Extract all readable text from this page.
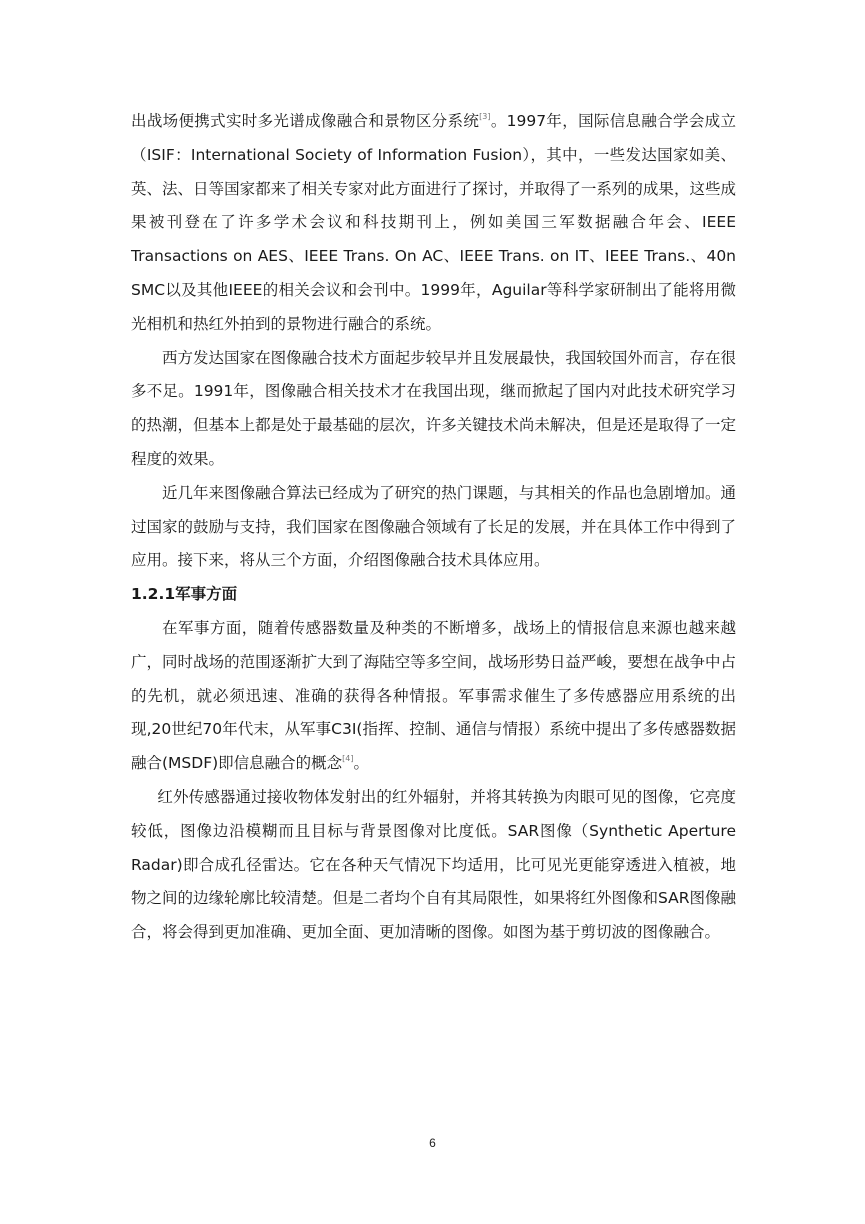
出战场便携式实时多光谱成像融合和景物区分系统[3]。1997年，国际信息融合学会成立（ISIF：International Society of Information Fusion），其中，一些发达国家如美、英、法、日等国家都来了相关专家对此方面进行了探讨，并取得了一系列的成果，这些成果被刊登在了许多学术会议和科技期刊上，例如美国三军数据融合年会、IEEE Transactions on AES、IEEE Trans. On AC、IEEE Trans. on IT、IEEE Trans.、40n SMC以及其他IEEE的相关会议和会刊中。1999年，Aguilar等科学家研制出了能将用微光相机和热红外拍到的景物进行融合的系统。

西方发达国家在图像融合技术方面起步较早并且发展最快，我国较国外而言，存在很多不足。1991年，图像融合相关技术才在我国出现，继而掀起了国内对此技术研究学习的热潮，但基本上都是处于最基础的层次，许多关键技术尚未解决，但是还是取得了一定程度的效果。

近几年来图像融合算法已经成为了研究的热门课题，与其相关的作品也急剧增加。通过国家的鼓励与支持，我们国家在图像融合领域有了长足的发展，并在具体工作中得到了应用。接下来，将从三个方面，介绍图像融合技术具体应用。

1.2.1军事方面

在军事方面，随着传感器数量及种类的不断增多，战场上的情报信息来源也越来越广，同时战场的范围逐渐扩大到了海陆空等多空间，战场形势日益严峻，要想在战争中占的先机，就必须迅速、准确的获得各种情报。军事需求催生了多传感器应用系统的出现,20世纪70年代末，从军事C3I(指挥、控制、通信与情报）系统中提出了多传感器数据融合(MSDF)即信息融合的概念[4]。

红外传感器通过接收物体发射出的红外辐射，并将其转换为肉眼可见的图像，它亮度较低，图像边沿模糊而且目标与背景图像对比度低。SAR图像（Synthetic Aperture Radar)即合成孔径雷达。它在各种天气情况下均适用，比可见光更能穿透进入植被，地物之间的边缘轮廓比较清楚。但是二者均个自有其局限性，如果将红外图像和SAR图像融合，将会得到更加准确、更加全面、更加清晰的图像。如图为基于剪切波的图像融合。

6
